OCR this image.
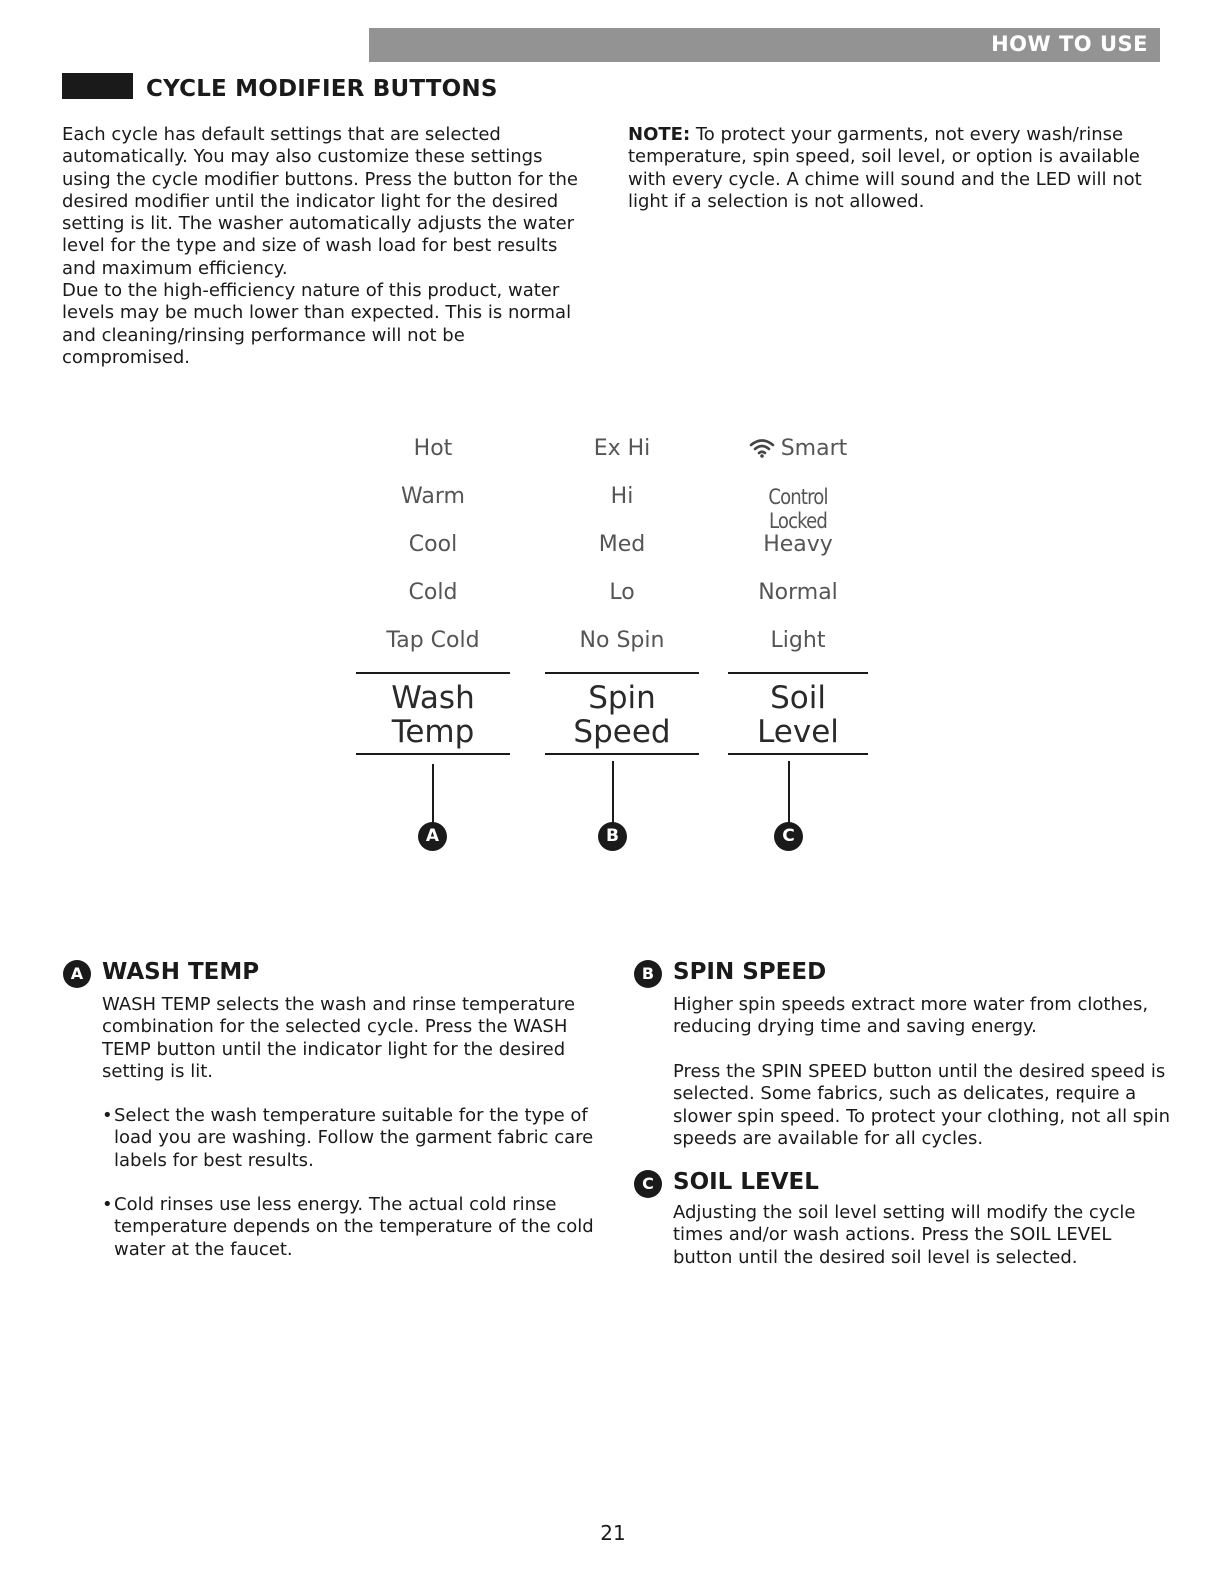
HOW TO USE
CYCLE MODIFIER BUTTONS

Each cycle has default settings that are selected automatically. You may also customize these settings using the cycle modifier buttons. Press the button for the desired modifier until the indicator light for the desired setting is lit. The washer automatically adjusts the water level for the type and size of wash load for best results and maximum efficiency.

Due to the high-efficiency nature of this product, water levels may be much lower than expected. This is normal and cleaning/rinsing performance will not be compromised.

NOTE: To protect your garments, not every wash/rinse temperature, spin speed, soil level, or option is available with every cycle. A chime will sound and the LED will not light if a selection is not allowed.

Hot
Warm
Cool
Cold
Tap Cold
Wash
Temp
A
Ex Hi
Hi
Med
Lo
No Spin
Spin
Speed
B
Smart
Control Locked
Heavy
Normal
Light
Soil
Level
C
A WASH TEMP

WASH TEMP selects the wash and rinse temperature combination for the selected cycle. Press the WASH TEMP button until the indicator light for the desired setting is lit.

• Select the wash temperature suitable for the type of load you are washing. Follow the garment fabric care labels for best results.

• Cold rinses use less energy. The actual cold rinse temperature depends on the temperature of the cold water at the faucet.

B SPIN SPEED

Higher spin speeds extract more water from clothes, reducing drying time and saving energy.

Press the SPIN SPEED button until the desired speed is selected. Some fabrics, such as delicates, require a slower spin speed. To protect your clothing, not all spin speeds are available for all cycles.

C SOIL LEVEL

Adjusting the soil level setting will modify the cycle times and/or wash actions. Press the SOIL LEVEL button until the desired soil level is selected.

21
